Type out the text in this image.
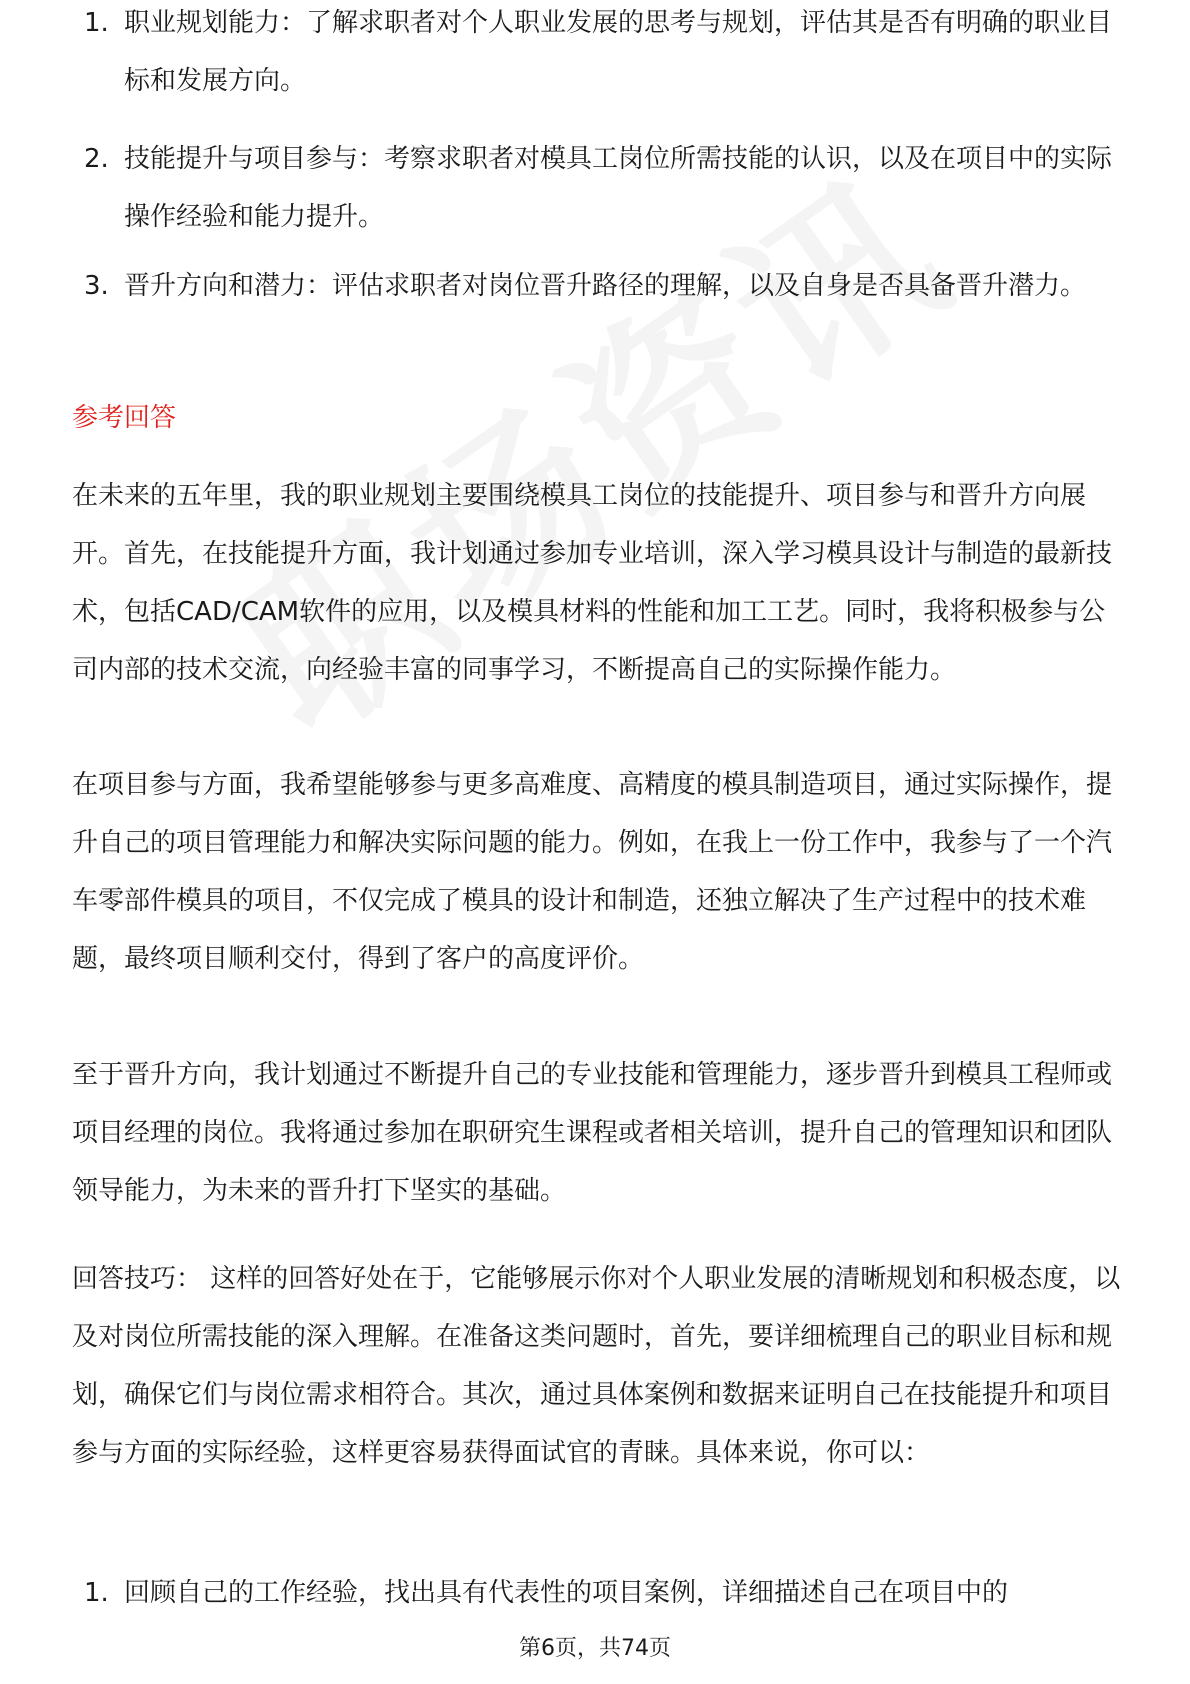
1. 职业规划能力：了解求职者对个人职业发展的思考与规划，评估其是否有明确的职业目标和发展方向。

2. 技能提升与项目参与：考察求职者对模具工岗位所需技能的认识，以及在项目中的实际操作经验和能力提升。

3. 晋升方向和潜力：评估求职者对岗位晋升路径的理解，以及自身是否具备晋升潜力。

参考回答

在未来的五年里，我的职业规划主要围绕模具工岗位的技能提升、项目参与和晋升方向展开。首先，在技能提升方面，我计划通过参加专业培训，深入学习模具设计与制造的最新技术，包括CAD/CAM软件的应用，以及模具材料的性能和加工工艺。同时，我将积极参与公司内部的技术交流，向经验丰富的同事学习，不断提高自己的实际操作能力。

在项目参与方面，我希望能够参与更多高难度、高精度的模具制造项目，通过实际操作，提升自己的项目管理能力和解决实际问题的能力。例如，在我上一份工作中，我参与了一个汽车零部件模具的项目，不仅完成了模具的设计和制造，还独立解决了生产过程中的技术难题，最终项目顺利交付，得到了客户的高度评价。

至于晋升方向，我计划通过不断提升自己的专业技能和管理能力，逐步晋升到模具工程师或项目经理的岗位。我将通过参加在职研究生课程或者相关培训，提升自己的管理知识和团队领导能力，为未来的晋升打下坚实的基础。

回答技巧： 这样的回答好处在于，它能够展示你对个人职业发展的清晰规划和积极态度，以及对岗位所需技能的深入理解。在准备这类问题时，首先，要详细梳理自己的职业目标和规划，确保它们与岗位需求相符合。其次，通过具体案例和数据来证明自己在技能提升和项目参与方面的实际经验，这样更容易获得面试官的青睐。具体来说，你可以：

1. 回顾自己的工作经验，找出具有代表性的项目案例，详细描述自己在项目中的

第6页，共74页
